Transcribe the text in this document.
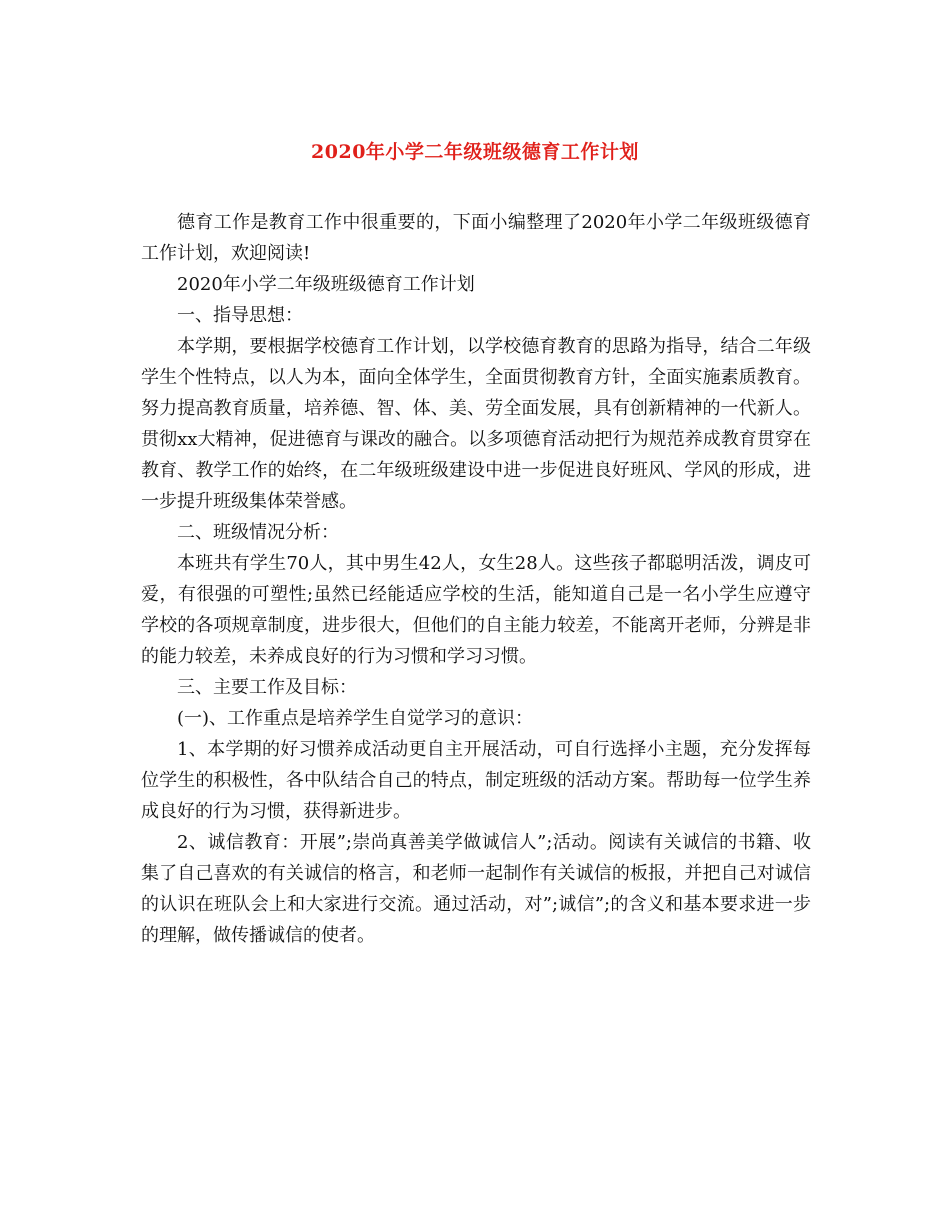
2020年小学二年级班级德育工作计划

德育工作是教育工作中很重要的，下面小编整理了2020年小学二年级班级德育工作计划，欢迎阅读!

2020年小学二年级班级德育工作计划

一、指导思想：

本学期，要根据学校德育工作计划，以学校德育教育的思路为指导，结合二年级学生个性特点，以人为本，面向全体学生，全面贯彻教育方针，全面实施素质教育。努力提高教育质量，培养德、智、体、美、劳全面发展，具有创新精神的一代新人。贯彻xx大精神，促进德育与课改的融合。以多项德育活动把行为规范养成教育贯穿在教育、教学工作的始终，在二年级班级建设中进一步促进良好班风、学风的形成，进一步提升班级集体荣誉感。

二、班级情况分析：

本班共有学生70人，其中男生42人，女生28人。这些孩子都聪明活泼，调皮可爱，有很强的可塑性;虽然已经能适应学校的生活，能知道自己是一名小学生应遵守学校的各项规章制度，进步很大，但他们的自主能力较差，不能离开老师，分辨是非的能力较差，未养成良好的行为习惯和学习习惯。

三、主要工作及目标：

(一)、工作重点是培养学生自觉学习的意识：

1、本学期的好习惯养成活动更自主开展活动，可自行选择小主题，充分发挥每位学生的积极性，各中队结合自己的特点，制定班级的活动方案。帮助每一位学生养成良好的行为习惯，获得新进步。

2、诚信教育：开展”;崇尚真善美学做诚信人”;活动。阅读有关诚信的书籍、收集了自己喜欢的有关诚信的格言，和老师一起制作有关诚信的板报，并把自己对诚信的认识在班队会上和大家进行交流。通过活动，对”;诚信”;的含义和基本要求进一步的理解，做传播诚信的使者。
